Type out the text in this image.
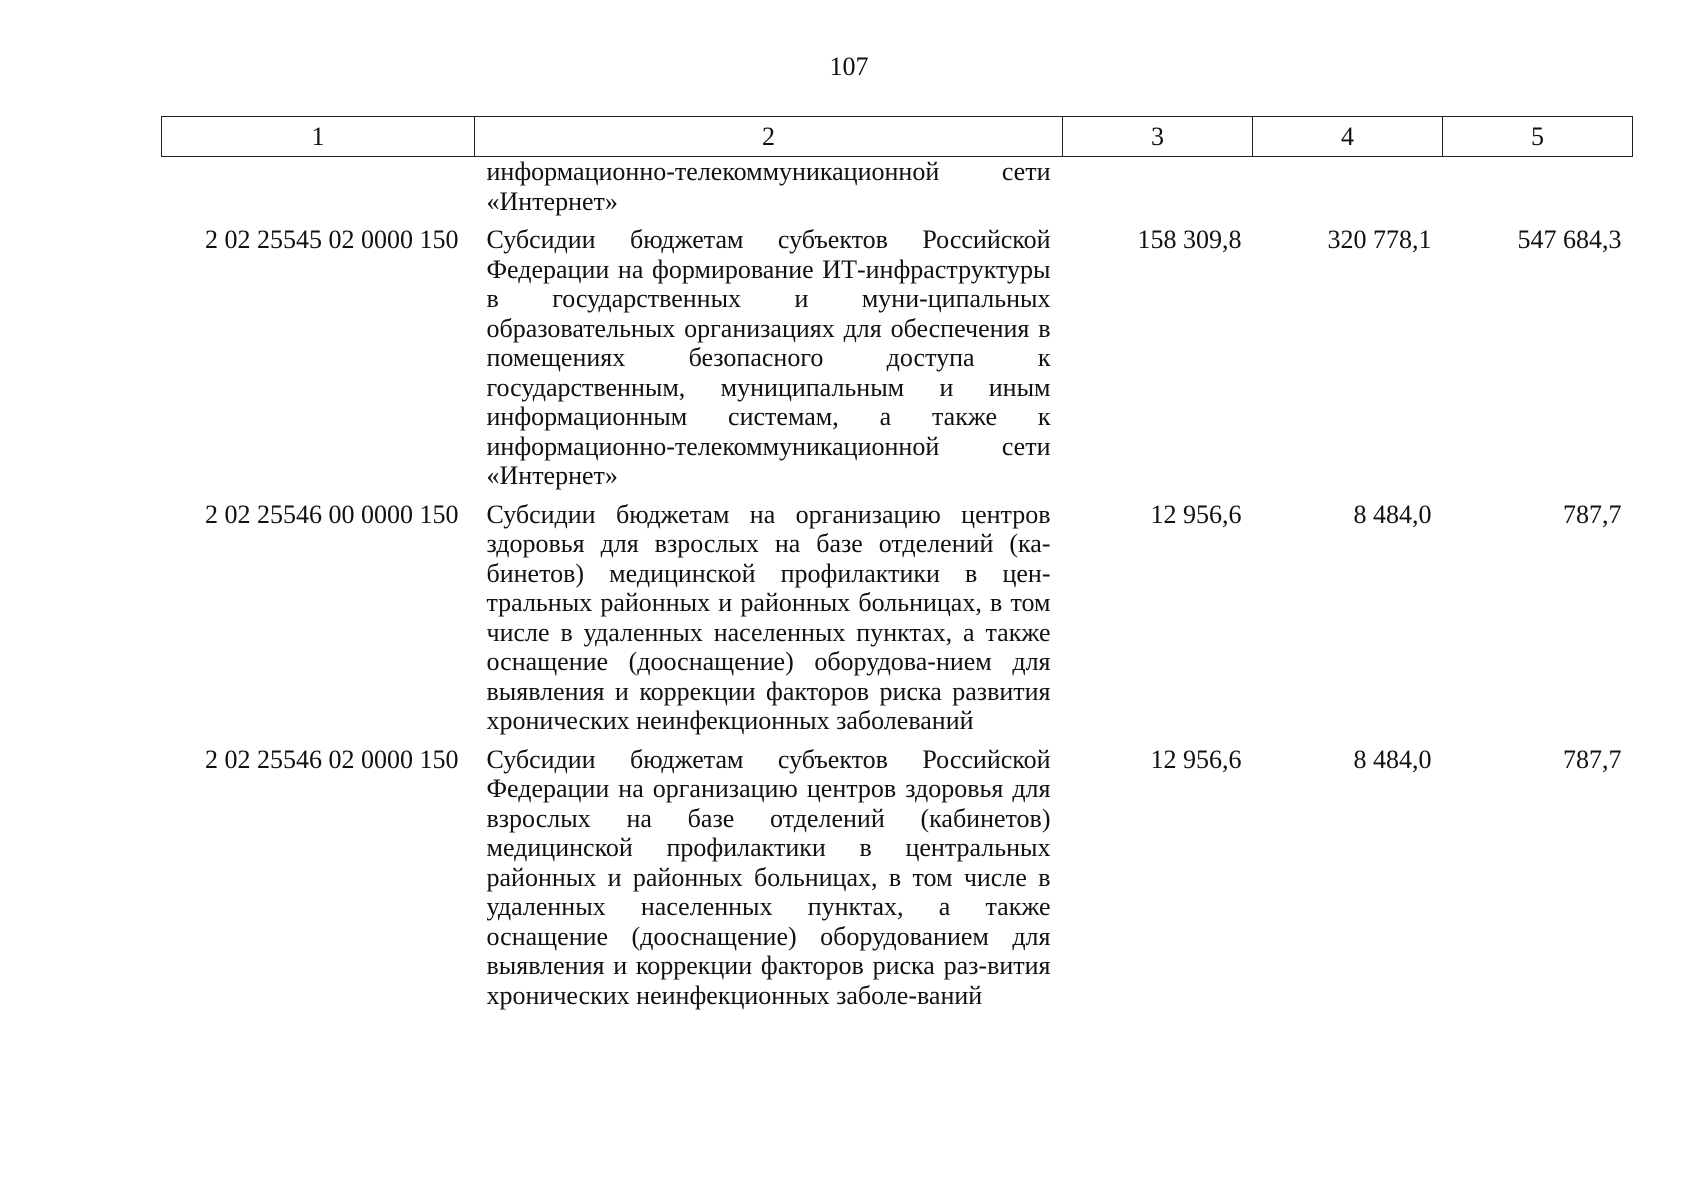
107
1	2	3	4	5
	информационно-телекоммуникационной сети «Интернет»			
2 02 25545 02 0000 150	Субсидии бюджетам субъектов Российской Федерации на формирование ИТ-инфраструктуры в государственных и муни-ципальных образовательных организациях для обеспечения в помещениях безопасного доступа к государственным, муниципальным и иным информационным системам, а также к информационно-телекоммуникационной сети «Интернет»	158 309,8	320 778,1	547 684,3
2 02 25546 00 0000 150	Субсидии бюджетам на организацию центров здоровья для взрослых на базе отделений (ка-бинетов) медицинской профилактики в цен-тральных районных и районных больницах, в том числе в удаленных населенных пунктах, а также оснащение (дооснащение) оборудова-нием для выявления и коррекции факторов риска развития хронических неинфекционных заболеваний	12 956,6	8 484,0	787,7
2 02 25546 02 0000 150	Субсидии бюджетам субъектов Российской Федерации на организацию центров здоровья для взрослых на базе отделений (кабинетов) медицинской профилактики в центральных районных и районных больницах, в том числе в удаленных населенных пунктах, а также оснащение (дооснащение) оборудованием для выявления и коррекции факторов риска раз-вития хронических неинфекционных заболе-ваний	12 956,6	8 484,0	787,7
